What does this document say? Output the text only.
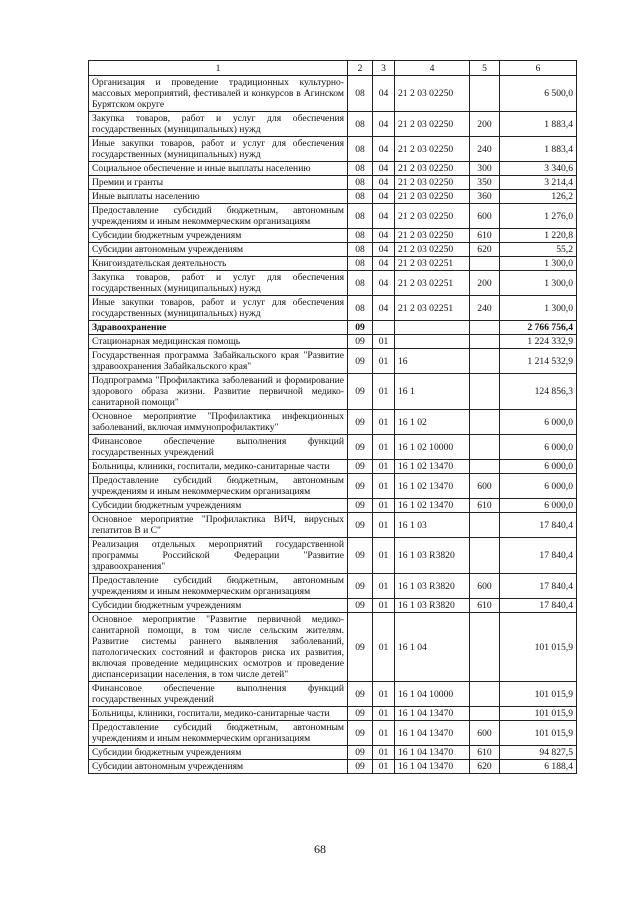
1	2	3	4	5	6
Организация и проведение традиционных культурно-массовых мероприятий, фестивалей и конкурсов в Агинском Бурятском округе	08	04	21 2 03 02250		6 500,0
Закупка товаров, работ и услуг для обеспечения государственных (муниципальных) нужд	08	04	21 2 03 02250	200	1 883,4
Иные закупки товаров, работ и услуг для обеспечения государственных (муниципальных) нужд	08	04	21 2 03 02250	240	1 883,4
Социальное обеспечение и иные выплаты населению	08	04	21 2 03 02250	300	3 340,6
Премии и гранты	08	04	21 2 03 02250	350	3 214,4
Иные выплаты населению	08	04	21 2 03 02250	360	126,2
Предоставление субсидий бюджетным, автономным учреждениям и иным некоммерческим организациям	08	04	21 2 03 02250	600	1 276,0
Субсидии бюджетным учреждениям	08	04	21 2 03 02250	610	1 220,8
Субсидии автономным учреждениям	08	04	21 2 03 02250	620	55,2
Книгоиздательская деятельность	08	04	21 2 03 02251		1 300,0
Закупка товаров, работ и услуг для обеспечения государственных (муниципальных) нужд	08	04	21 2 03 02251	200	1 300,0
Иные закупки товаров, работ и услуг для обеспечения государственных (муниципальных) нужд	08	04	21 2 03 02251	240	1 300,0
Здравоохранение	09				2 766 756,4
Стационарная медицинская помощь	09	01			1 224 332,9
Государственная программа Забайкальского края "Развитие здравоохранения Забайкальского края"	09	01	16		1 214 532,9
Подпрограмма "Профилактика заболеваний и формирование здорового образа жизни. Развитие первичной медико-санитарной помощи"	09	01	16 1		124 856,3
Основное мероприятие "Профилактика инфекционных заболеваний, включая иммунопрофилактику"	09	01	16 1 02		6 000,0
Финансовое обеспечение выполнения функций государственных учреждений	09	01	16 1 02 10000		6 000,0
Больницы, клиники, госпитали, медико-санитарные части	09	01	16 1 02 13470		6 000,0
Предоставление субсидий бюджетным, автономным учреждениям и иным некоммерческим организациям	09	01	16 1 02 13470	600	6 000,0
Субсидии бюджетным учреждениям	09	01	16 1 02 13470	610	6 000,0
Основное мероприятие "Профилактика ВИЧ, вирусных гепатитов В и С"	09	01	16 1 03		17 840,4
Реализация отдельных мероприятий государственной программы Российской Федерации "Развитие здравоохранения"	09	01	16 1 03 R3820		17 840,4
Предоставление субсидий бюджетным, автономным учреждениям и иным некоммерческим организациям	09	01	16 1 03 R3820	600	17 840,4
Субсидии бюджетным учреждениям	09	01	16 1 03 R3820	610	17 840,4
Основное мероприятие "Развитие первичной медико-санитарной помощи, в том числе сельским жителям. Развитие системы раннего выявления заболеваний, патологических состояний и факторов риска их развития, включая проведение медицинских осмотров и проведение диспансеризации населения, в том числе детей"	09	01	16 1 04		101 015,9
Финансовое обеспечение выполнения функций государственных учреждений	09	01	16 1 04 10000		101 015,9
Больницы, клиники, госпитали, медико-санитарные части	09	01	16 1 04 13470		101 015,9
Предоставление субсидий бюджетным, автономным учреждениям и иным некоммерческим организациям	09	01	16 1 04 13470	600	101 015,9
Субсидии бюджетным учреждениям	09	01	16 1 04 13470	610	94 827,5
Субсидии автономным учреждениям	09	01	16 1 04 13470	620	6 188,4
68
